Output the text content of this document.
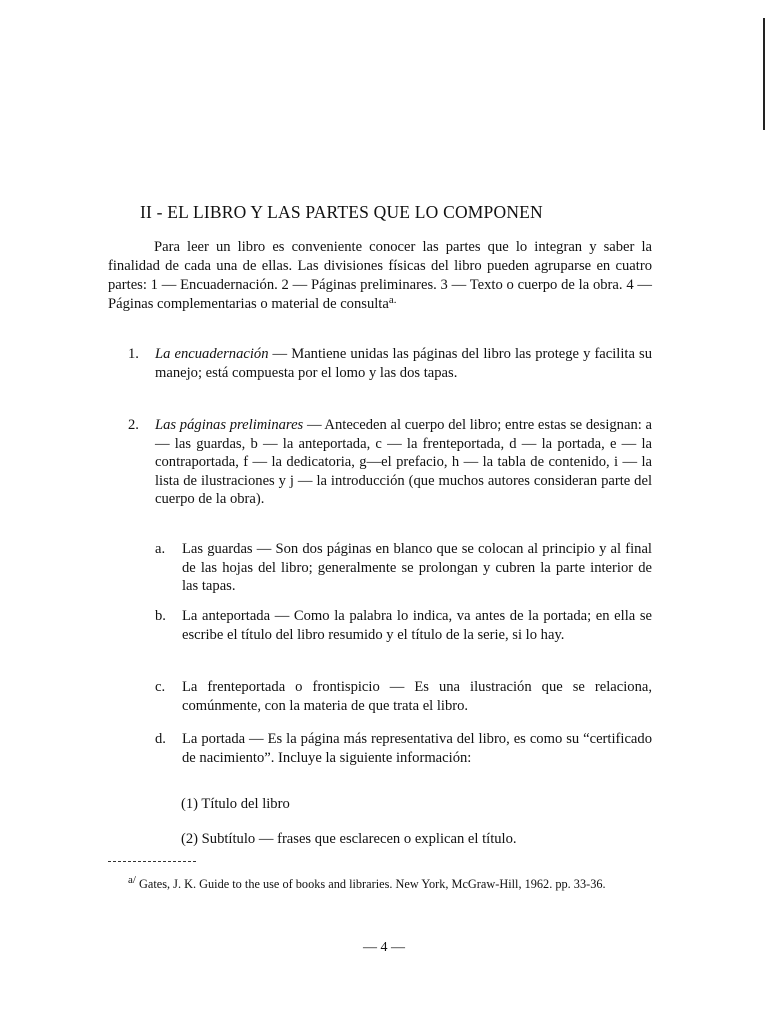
II - EL LIBRO Y LAS PARTES QUE LO COMPONEN

Para leer un libro es conveniente conocer las partes que lo integran y saber la finalidad de cada una de ellas. Las divisiones físicas del libro pueden agruparse en cuatro partes: 1 — Encuadernación. 2 — Páginas preliminares. 3 — Texto o cuerpo de la obra. 4 — Páginas complementarias o material de consulta$^{a.}$

1. La encuadernación — Mantiene unidas las páginas del libro las protege y facilita su manejo; está compuesta por el lomo y las dos tapas.
2. Las páginas preliminares — Anteceden al cuerpo del libro; entre estas se designan: a — las guardas, b — la anteportada, c — la frenteportada, d — la portada, e — la contraportada, f — la dedicatoria, g—el prefacio, h — la tabla de contenido, i — la lista de ilustraciones y j — la introducción (que muchos autores consideran parte del cuerpo de la obra).
a. Las guardas — Son dos páginas en blanco que se colocan al principio y al final de las hojas del libro; generalmente se prolongan y cubren la parte interior de las tapas.
b. La anteportada — Como la palabra lo indica, va antes de la portada; en ella se escribe el título del libro resumido y el título de la serie, si lo hay.
c. La frenteportada o frontispicio — Es una ilustración que se relaciona, comúnmente, con la materia de que trata el libro.
d. La portada — Es la página más representativa del libro, es como su “certificado de nacimiento”. Incluye la siguiente información:
(1) Título del libro
(2) Subtítulo — frases que esclarecen o explican el título.
$^{a/}$ Gates, J. K. Guide to the use of books and libraries. New York, McGraw-Hill, 1962. pp. 33-36.
— 4 —
